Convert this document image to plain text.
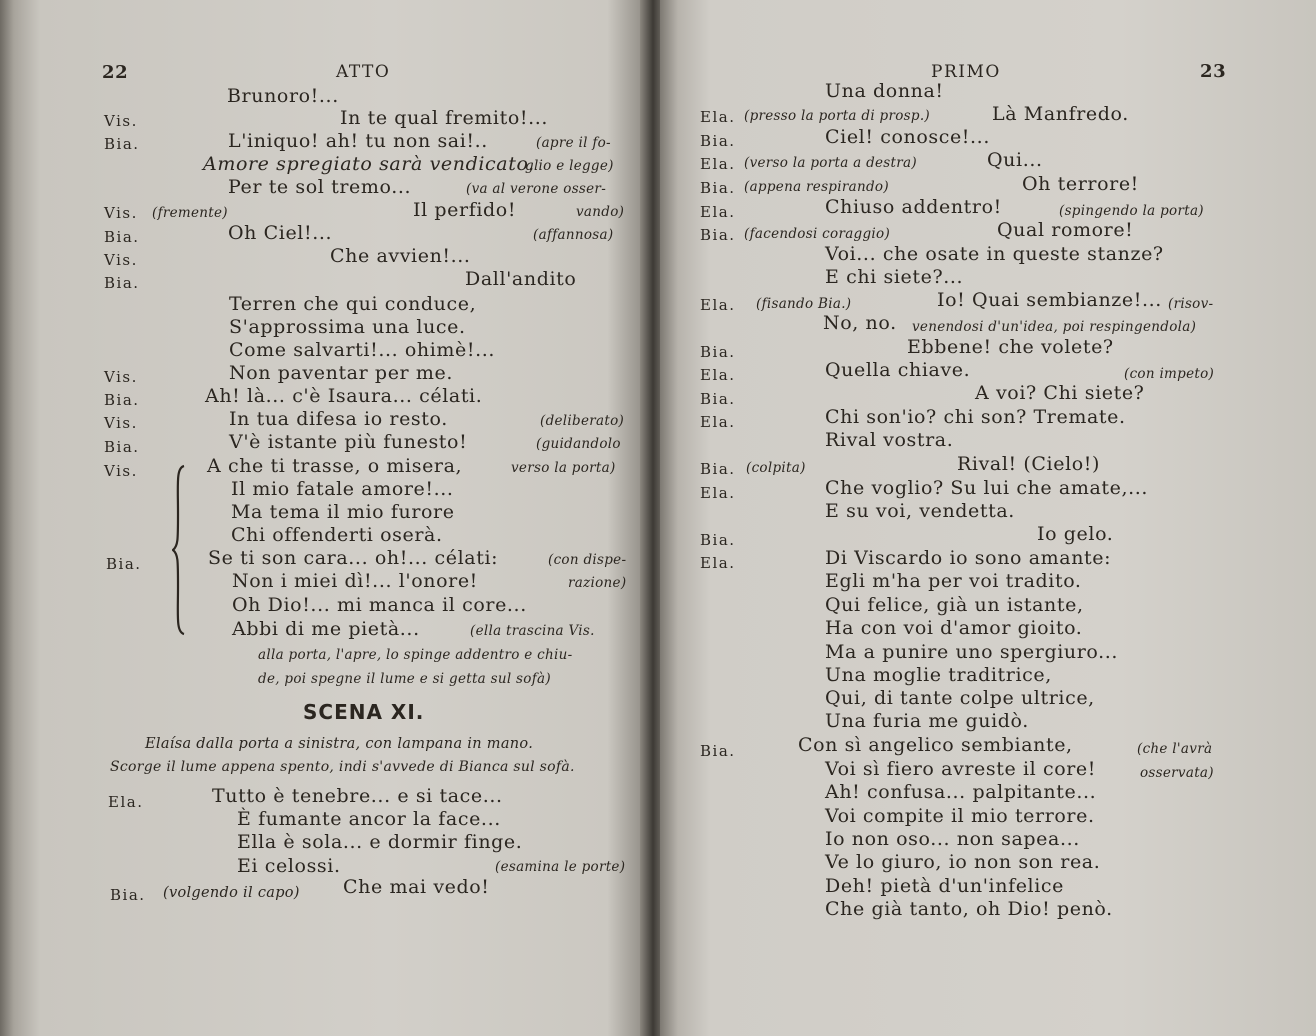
22	ATTO
Brunoro!...
Vis.	In te qual fremito!...
Bia.	L'iniquo! ah! tu non sai!..	(apre il fo-
Amore spregiato sarà vendicato.
glio e legge)
Per te sol tremo...	(va al verone osser-
Vis. (fremente)	Il perfido!	vando)
Bia.	Oh Ciel!...	(affannosa)
Vis.	Che avvien!...
Bia.	Dall'andito
Terren che qui conduce,
S'approssima una luce.
Come salvarti!... ohimè!...
Vis.	Non paventar per me.
Bia.	Ah! là... c'è Isaura... célati.
Vis.	In tua difesa io resto.	(deliberato)
Bia.	V'è istante più funesto!	(guidandolo
Vis.	A che ti trasse, o misera,	verso la porta)
Il mio fatale amore!...
Ma tema il mio furore
Chi offenderti oserà.
Bia.	Se ti son cara... oh!... célati:	(con dispe-
Non i miei dì!... l'onore!	razione)
Oh Dio!... mi manca il core...
Abbi di me pietà...	(ella trascina Vis.
alla porta, l'apre, lo spinge addentro e chiu-
de, poi spegne il lume e si getta sul sofà)
SCENA XI.
Elaísa dalla porta a sinistra, con lampana in mano.
Scorge il lume appena spento, indi s'avvede di Bianca sul sofà.
Ela.	Tutto è tenebre... e si tace...
È fumante ancor la face...
Ella è sola... e dormir finge.
Ei celossi.	(esamina le porte)
Bia. (volgendo il capo) Che mai vedo!
PRIMO	23
Una donna!
Ela. (presso la porta di prosp.)	Là Manfredo.
Bia.	Ciel! conosce!...
Ela. (verso la porta a destra)	Qui...
Bia. (appena respirando)	Oh terrore!
Ela.	Chiuso addentro!	(spingendo la porta)
Bia. (facendosi coraggio)	Qual romore!
Voi... che osate in queste stanze?
E chi siete?...
Ela. (fisando Bia.)	Io! Quai sembianze!... (risov-
No, no. venendosi d'un'idea, poi respingendola)
Bia.	Ebbene! che volete?
Ela.	Quella chiave.	(con impeto)
Bia.	A voi? Chi siete?
Ela.	Chi son'io? chi son? Tremate.
Rival vostra.
Bia. (colpita)	Rival! (Cielo!)
Ela.	Che voglio? Su lui che amate,...
E su voi, vendetta.
Bia.	Io gelo.
Ela.	Di Viscardo io sono amante:
Egli m'ha per voi tradito.
Qui felice, già un istante,
Ha con voi d'amor gioito.
Ma a punire uno spergiuro...
Una moglie traditrice,
Qui, di tante colpe ultrice,
Una furia me guidò.
Bia.	Con sì angelico sembiante,	(che l'avrà
Voi sì fiero avreste il core!	osservata)
Ah! confusa... palpitante...
Voi compite il mio terrore.
Io non oso... non sapea...
Ve lo giuro, io non son rea.
Deh! pietà d'un'infelice
Che già tanto, oh Dio! penò.
